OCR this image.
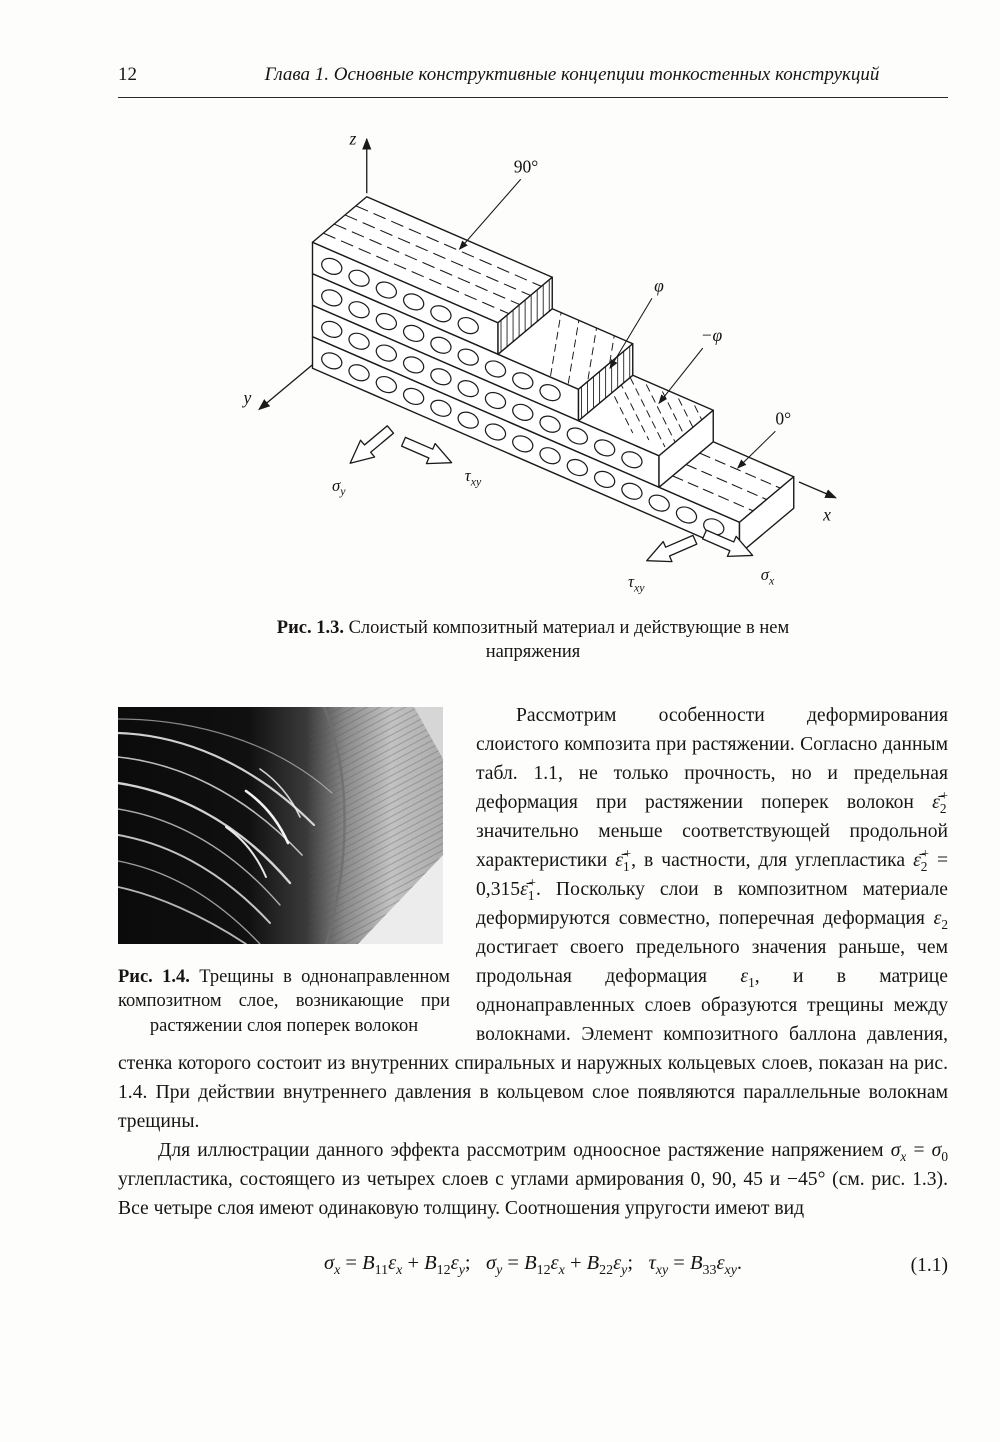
12	Глава 1. Основные конструктивные концепции тонкостенных конструкций
z
y
x
90°
φ
−φ
0°
$\sigma_y$
$\tau_{xy}$
$\tau_{xy}$
$\sigma_x$
Рис. 1.3. Слоистый композитный материал и действующие в нем напряжения
Рис. 1.4. Трещины в однонаправленном композитном слое, возникающие при растяжении слоя поперек волокон

Рассмотрим особенности деформирования слоистого композита при растяжении. Согласно данным табл. 1.1, не только прочность, но и предельная деформация при растяжении поперек волокон $\varepsilon̄_2^+$ значительно меньше соответствующей продольной характеристики $\varepsilon̄_1^+$, в частности, для углепластика $\varepsilon̄_2^+$ = $0,315\varepsilon̄_1^+$. Поскольку слои в композитном материале деформируются совместно, поперечная деформация $\varepsilon_2$ достигает своего предельного значения раньше, чем продольная деформация $\varepsilon_1$, и в матрице однонаправленных слоев образуются трещины между волокнами. Элемент композитного баллона давления, стенка которого состоит из внутренних спиральных и наружных кольцевых слоев, показан на рис. 1.4. При действии внутреннего давления в кольцевом слое появляются параллельные волокнам трещины.

Для иллюстрации данного эффекта рассмотрим одноосное растяжение напряжением $\sigma_x = \sigma_0$ углепластика, состоящего из четырех слоев с углами армирования 0, 90, 45 и −45° (см. рис. 1.3). Все четыре слоя имеют одинаковую толщину. Соотношения упругости имеют вид

$\sigma_x = B_{11}\varepsilon_x + B_{12}\varepsilon_y$;  $\sigma_y = B_{12}\varepsilon_x + B_{22}\varepsilon_y$;  $\tau_{xy} = B_{33}\varepsilon_{xy}$.	(1.1)
